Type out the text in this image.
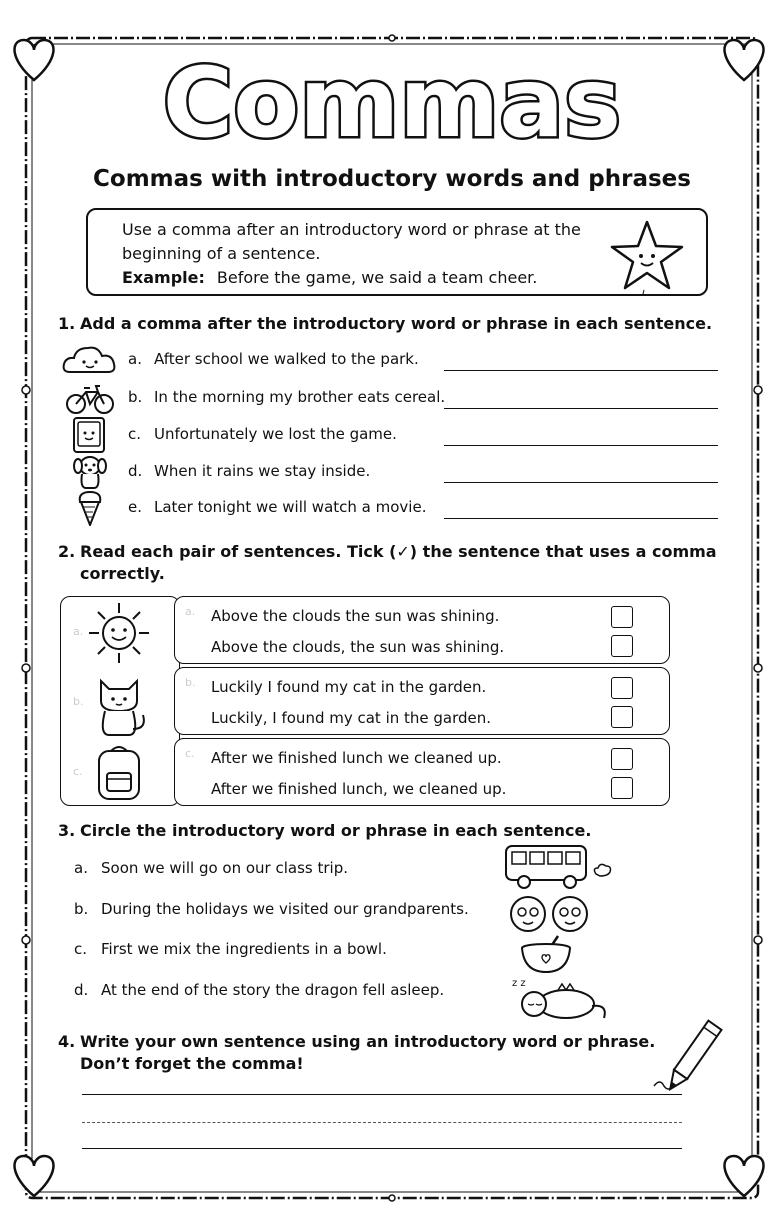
Commas
Commas with introductory words and phrases
Use a comma after an introductory word or phrase at the beginning of a sentence.
Example: Before the game, we said a team cheer.
1. Add a comma after the introductory word or phrase in each sentence.
a. After school we walked to the park.
b. In the morning my brother eats cereal.
c. Unfortunately we lost the game.
d. When it rains we stay inside.
e. Later tonight we will watch a movie.
2. Read each pair of sentences. Tick (✓) the sentence that uses a comma
correctly.
a.
b.
c.
a. Above the clouds the sun was shining.
Above the clouds, the sun was shining.
b. Luckily I found my cat in the garden.
Luckily, I found my cat in the garden.
c. After we finished lunch we cleaned up.
After we finished lunch, we cleaned up.
3. Circle the introductory word or phrase in each sentence.
a. Soon we will go on our class trip.
b. During the holidays we visited our grandparents.
c. First we mix the ingredients in a bowl.
d. At the end of the story the dragon fell asleep.	z z
4. Write your own sentence using an introductory word or phrase.
Don’t forget the comma!
